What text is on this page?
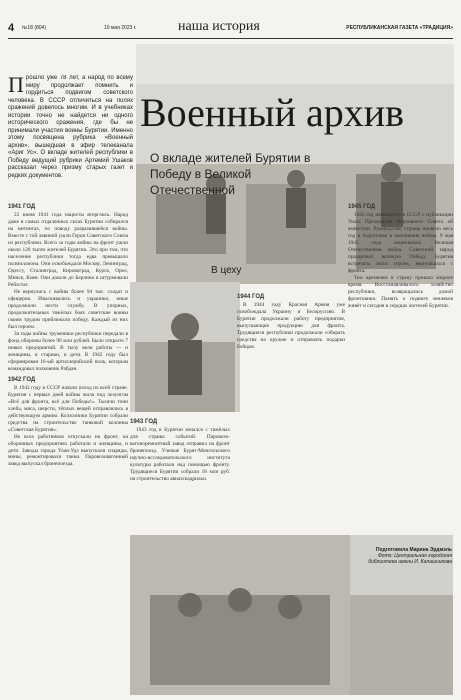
4 №18 (804)	10 мая 2023 г.	наша история	РЕСПУБЛИКАНСКАЯ ГАЗЕТА «ТРАДИЦИЯ»
Военный архив
О вкладе жителей Бурятии в Победу в Великой Отечественной
В цеху
П рошло уже 78 лет, а народ по всему миру продолжает помнить и гордиться подвигом советского человека. В СССР отличиться на полях сражений довелось многим. И в учебниках истории точно не найдется ни одного исторического сражения, где бы не принимали участия воины Бурятии. Именно этому посвящена рубрика «Военный архив», вышедшая в эфир телеканала «Ариг Ус». О вкладе жителей республики в Победу ведущий рубрики Артемий Ушаков рассказал через призму старых газет и редких документов.
1941 ГОД

22 июня 1941 года нацисты вторглись. Народ даже в самых отдаленных селах Бурятии собирался на митингах, по поводу разразившейся войны. Вместе с той лавиной ушли Герои Советского Союза из республики. Всего за годы войны на фронт ушли около 120 тысяч жителей Бурятии. Это при том, что население республики тогда едва превышало полмиллиона. Они освобождали Москву, Ленинград, Одессу, Сталинград, Кировоград, Курск, Орел, Минск, Киев. Они дошли до Берлина и штурмовали Рейхстаг.

Не вернулись с войны более 94 тыс. солдат и офицеров. Изыскивались и украинки, иные продолжили нести службу. В упорных, продолжительных тяжёлых боях советские воины своим трудом приближали победу. Каждый из них был героем.

За годы войны труженики республики передали в фонд обороны более 90 млн рублей. Было открыто 7 новых предприятий. В тылу вели работы — и женщины, и старики, и дети. В 1942 году был сформирован 16-ый артиллерийский полк, которым командовал полковник Рабдан.

1942 ГОД

В 1942 году в СССР начали поход по всей стране. Бурятия с первых дней войны жила под лозунгом «Всё для фронта, всё для Победы!». Тысячи тонн хлеба, мяса, шерсти, тёплых вещей отправлялись в действующую армию. Колхозники Бурятии собрали средства на строительство танковой колонны «Советская Бурятия».

Не всех работников отпускали на фронт, на оборонных предприятиях работали и женщины, и дети. Заводы города Улан-Удэ выпускали снаряды, мины, ремонтировали танки. Паровозовагонный завод выпускал бронепоезда.

1943 ГОД

1943 год в Бурятии начался с тяжёлых для страны событий. Паровозо-вагоноремонтный завод отправил на фронт бронепоезд. Ученые Бурят-Монгольского научно-исследовательского института культуры работали над помощью фронту. Трудящиеся Бурятии собрали 18 млн руб. на строительство авиаэскадрильи.

1944 ГОД

В 1944 году Красная Армия уже освобождала Украину и Белоруссию. В Бурятии продолжали работу предприятия, выпускающие продукцию для фронта. Трудящиеся республики продолжали собирать средства на оружие и отправлять подарки бойцам.

1945 ГОД

1945 год начинается в СССР с публикации Указа Президиума Верховного Совета об амнистии. Руководство страны провело весь год в подготовке к окончанию войны. 9 мая 1945 года закончилась Великая Отечественная война. Советский народ праздновал великую Победу. Бурятия встречала своих героев, вернувшихся с фронта.

Тем временем в страну пришло мирное время. Восстанавливалось хозяйство республики, возвращались домой фронтовики. Память о подвиге земляков живёт и сегодня в сердцах жителей Бурятии.

Подготовила Марина Эрдмэль
Фото: Центральная городская библиотека имени И. Калашникова
